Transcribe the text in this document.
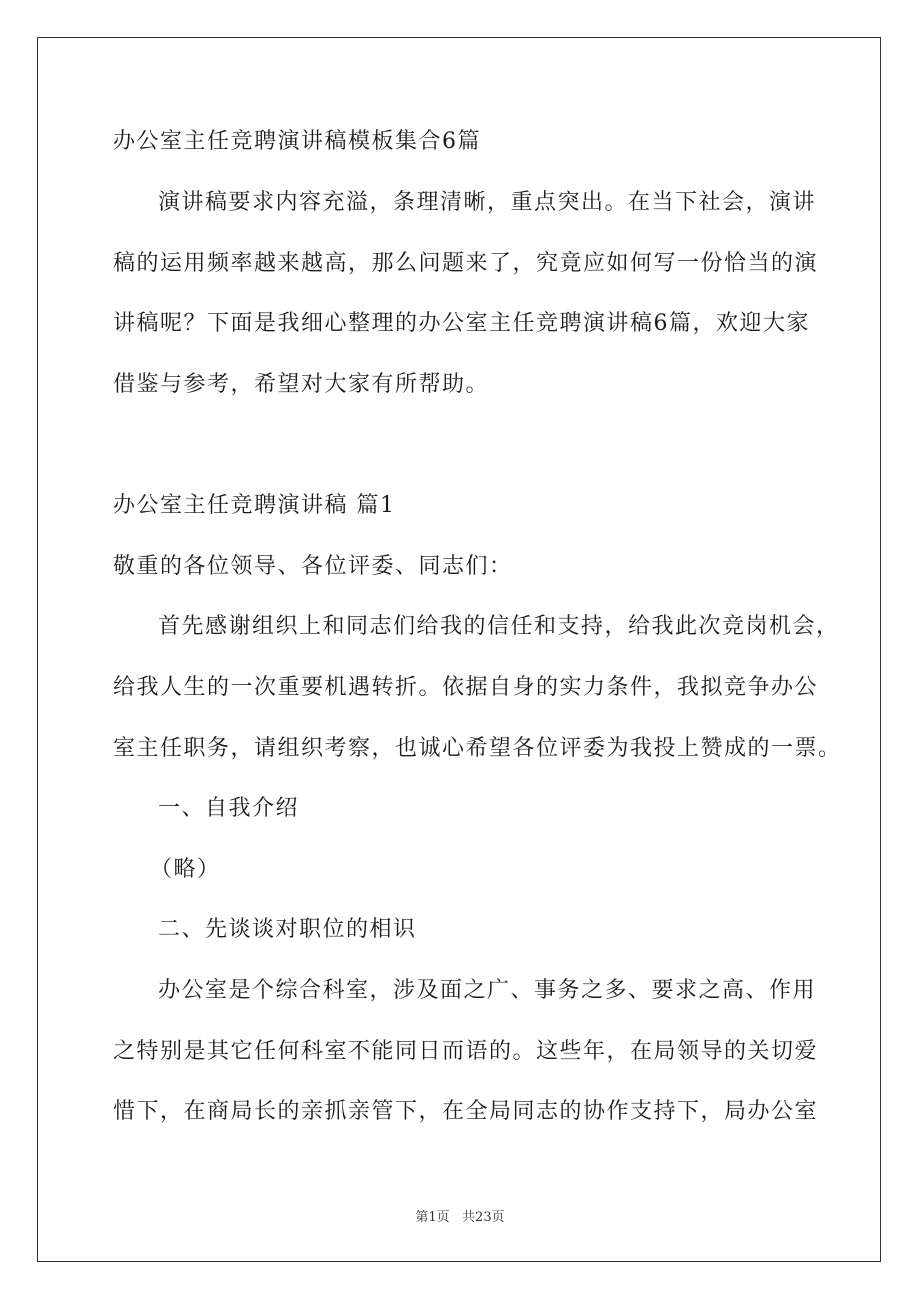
办公室主任竞聘演讲稿模板集合6篇
演讲稿要求内容充溢，条理清晰，重点突出。在当下社会，演讲
稿的运用频率越来越高，那么问题来了，究竟应如何写一份恰当的演
讲稿呢？下面是我细心整理的办公室主任竞聘演讲稿6篇，欢迎大家
借鉴与参考，希望对大家有所帮助。
办公室主任竞聘演讲稿 篇1
敬重的各位领导、各位评委、同志们：
首先感谢组织上和同志们给我的信任和支持，给我此次竞岗机会，
给我人生的一次重要机遇转折。依据自身的实力条件，我拟竞争办公
室主任职务，请组织考察，也诚心希望各位评委为我投上赞成的一票。
一、自我介绍
（略）
二、先谈谈对职位的相识
办公室是个综合科室，涉及面之广、事务之多、要求之高、作用
之特别是其它任何科室不能同日而语的。这些年，在局领导的关切爱
惜下，在商局长的亲抓亲管下，在全局同志的协作支持下，局办公室
第1页   共23页
